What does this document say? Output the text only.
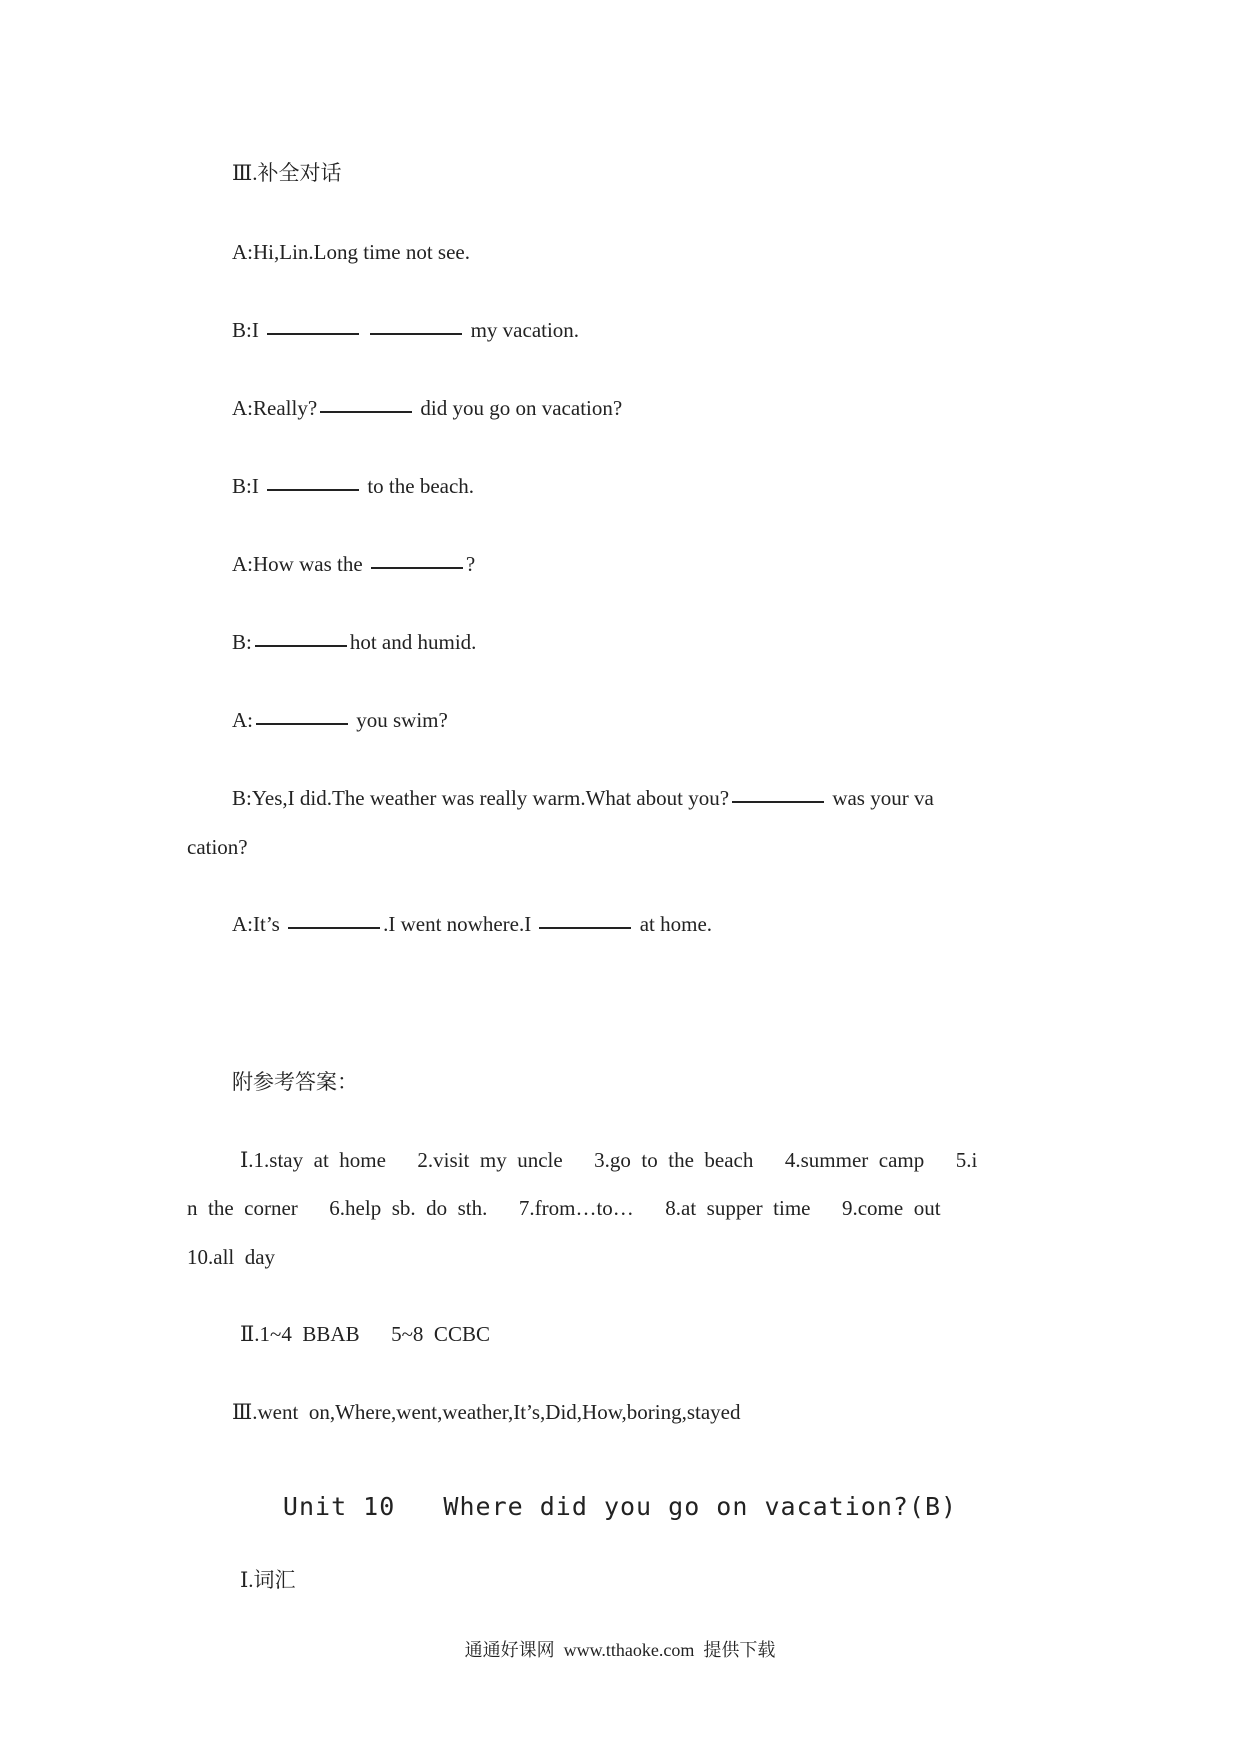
Ⅲ.补全对话
A:Hi,Lin.Long time not see.
B:I	my vacation.
A:Really?	did you go on vacation?
B:I	to the beach.
A:How was the	?
B:	hot and humid.
A:	you swim?
B:Yes,I did.The weather was really warm.What about you?	was your va
cation?
A:It’s	.I went nowhere.I	at home.
附参考答案：
Ⅰ.1.stay  at  home      2.visit  my  uncle      3.go  to  the  beach      4.summer  camp      5.i
n  the  corner      6.help  sb.  do  sth.      7.from…to…      8.at  supper  time      9.come  out
10.all  day
Ⅱ.1~4  BBAB      5~8  CCBC
Ⅲ.went  on,Where,went,weather,It’s,Did,How,boring,stayed
Unit 10   Where did you go on vacation?(B)
Ⅰ.词汇
通通好课网  www.tthaoke.com  提供下载
